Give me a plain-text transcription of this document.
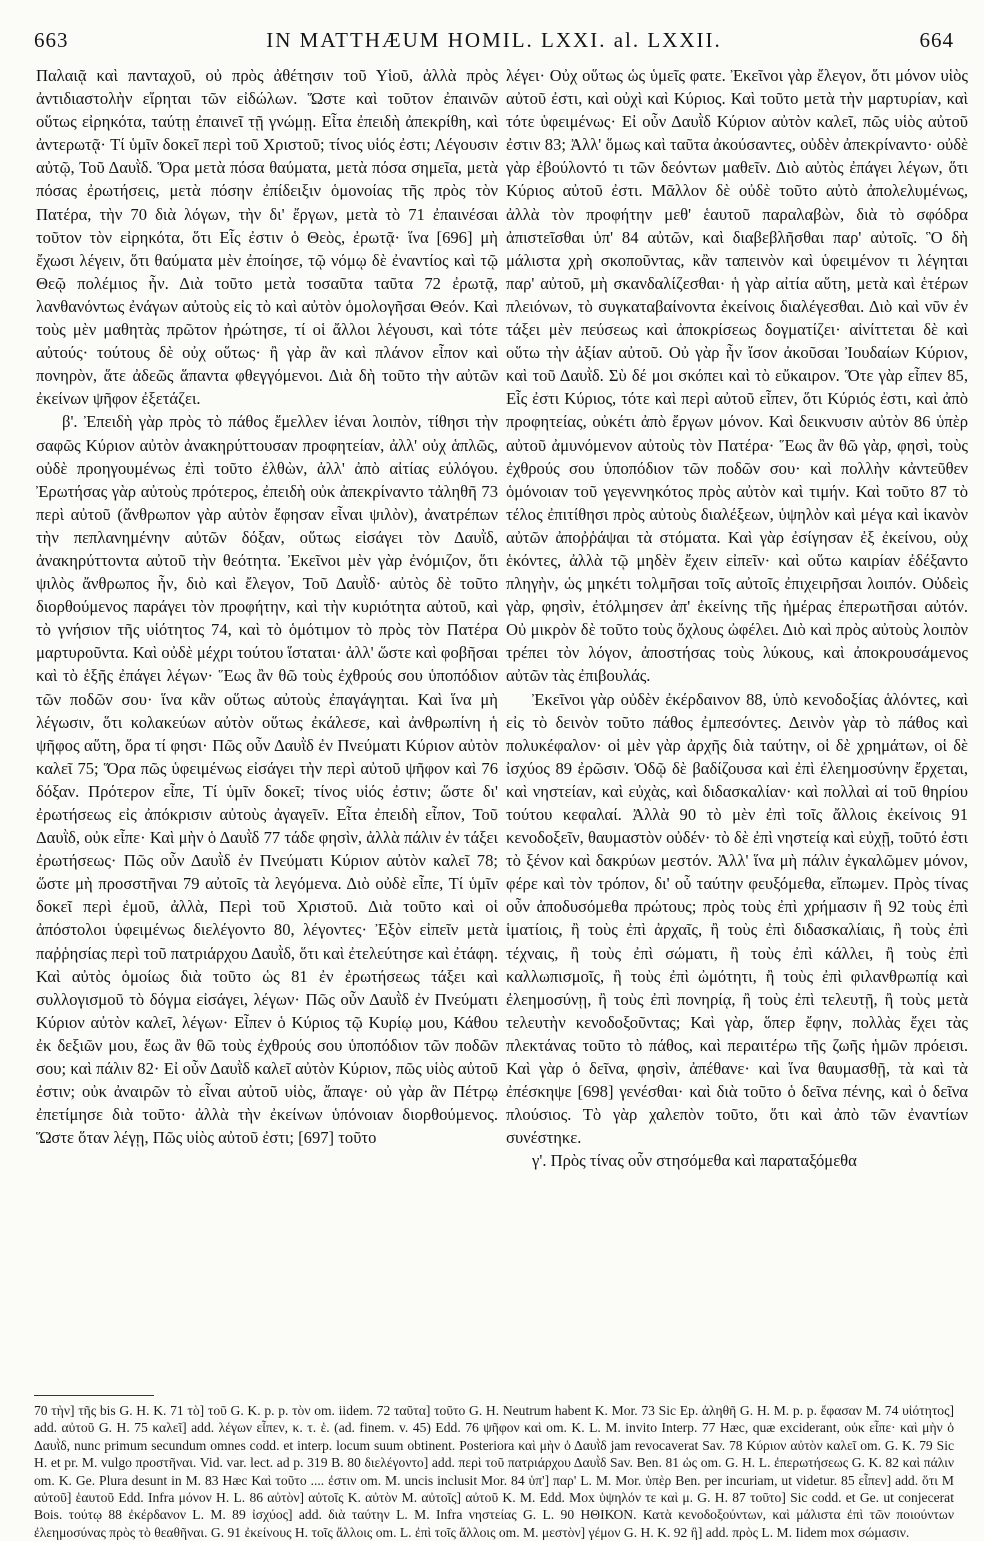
663	IN MATTHÆUM HOMIL. LXXI. al. LXXII.	664

Παλαιᾷ καὶ πανταχοῦ, οὐ πρὸς ἀθέτησιν τοῦ Υἱοῦ, ἀλλὰ πρὸς ἀντιδιαστολὴν εἴρηται τῶν εἰδώλων. Ὥστε καὶ τοῦτον ἐπαινῶν οὕτως εἰρηκότα, ταύτῃ ἐπαινεῖ τῇ γνώμῃ. Εἶτα ἐπειδὴ ἀπεκρίθη, καὶ ἀντερωτᾷ· Τί ὑμῖν δοκεῖ περὶ τοῦ Χριστοῦ; τίνος υἱός ἐστι; Λέγουσιν αὐτῷ, Τοῦ Δαυῒδ. Ὅρα μετὰ πόσα θαύματα, μετὰ πόσα σημεῖα, μετὰ πόσας ἐρωτήσεις, μετὰ πόσην ἐπίδειξιν ὁμονοίας τῆς πρὸς τὸν Πατέρα, τὴν 70 διὰ λόγων, τὴν δι' ἔργων, μετὰ τὸ 71 ἐπαινέσαι τοῦτον τὸν εἰρηκότα, ὅτι Εἷς ἐστιν ὁ Θεὸς, ἐρωτᾷ· ἵνα [696] μὴ ἔχωσι λέγειν, ὅτι θαύματα μὲν ἐποίησε, τῷ νόμῳ δὲ ἐναντίος καὶ τῷ Θεῷ πολέμιος ἦν. Διὰ τοῦτο μετὰ τοσαῦτα ταῦτα 72 ἐρωτᾷ, λανθανόντως ἐνάγων αὐτοὺς εἰς τὸ καὶ αὐτὸν ὁμολογῆσαι Θεόν. Καὶ τοὺς μὲν μαθητὰς πρῶτον ἠρώτησε, τί οἱ ἄλλοι λέγουσι, καὶ τότε αὐτούς· τούτους δὲ οὐχ οὕτως· ἢ γὰρ ἂν καὶ πλάνον εἶπον καὶ πονηρὸν, ἅτε ἀδεῶς ἅπαντα φθεγγόμενοι. Διὰ δὴ τοῦτο τὴν αὐτῶν ἐκείνων ψῆφον ἐξετάζει.

β'. Ἐπειδὴ γὰρ πρὸς τὸ πάθος ἔμελλεν ἰέναι λοιπὸν, τίθησι τὴν σαφῶς Κύριον αὐτὸν ἀνακηρύττουσαν προφητείαν, ἀλλ' οὐχ ἁπλῶς, οὐδὲ προηγουμένως ἐπὶ τοῦτο ἐλθὼν, ἀλλ' ἀπὸ αἰτίας εὐλόγου. Ἐρωτήσας γὰρ αὐτοὺς πρότερος, ἐπειδὴ οὐκ ἀπεκρίναντο τἀληθῆ 73 περὶ αὐτοῦ (ἄνθρωπον γὰρ αὐτὸν ἔφησαν εἶναι ψιλὸν), ἀνατρέπων τὴν πεπλανημένην αὐτῶν δόξαν, οὕτως εἰσάγει τὸν Δαυῒδ, ἀνακηρύττοντα αὐτοῦ τὴν θεότητα. Ἐκεῖνοι μὲν γὰρ ἐνόμιζον, ὅτι ψιλὸς ἄνθρωπος ἦν, διὸ καὶ ἔλεγον, Τοῦ Δαυῒδ· αὐτὸς δὲ τοῦτο διορθούμενος παράγει τὸν προφήτην, καὶ τὴν κυριότητα αὐτοῦ, καὶ τὸ γνήσιον τῆς υἱότητος 74, καὶ τὸ ὁμότιμον τὸ πρὸς τὸν Πατέρα μαρτυροῦντα. Καὶ οὐδὲ μέχρι τούτου ἵσταται· ἀλλ' ὥστε καὶ φοβῆσαι καὶ τὸ ἑξῆς ἐπάγει λέγων· Ἕως ἂν θῶ τοὺς ἐχθρούς σου ὑποπόδιον τῶν ποδῶν σου· ἵνα κἂν οὕτως αὐτοὺς ἐπαγάγηται. Καὶ ἵνα μὴ λέγωσιν, ὅτι κολακεύων αὐτὸν οὕτως ἐκάλεσε, καὶ ἀνθρωπίνη ἡ ψῆφος αὕτη, ὅρα τί φησι· Πῶς οὖν Δαυῒδ ἐν Πνεύματι Κύριον αὐτὸν καλεῖ 75; Ὅρα πῶς ὑφειμένως εἰσάγει τὴν περὶ αὐτοῦ ψῆφον καὶ 76 δόξαν. Πρότερον εἶπε, Τί ὑμῖν δοκεῖ; τίνος υἱός ἐστιν; ὥστε δι' ἐρωτήσεως εἰς ἀπόκρισιν αὐτοὺς ἀγαγεῖν. Εἶτα ἐπειδὴ εἶπον, Τοῦ Δαυῒδ, οὐκ εἶπε· Καὶ μὴν ὁ Δαυῒδ 77 τάδε φησὶν, ἀλλὰ πάλιν ἐν τάξει ἐρωτήσεως· Πῶς οὖν Δαυῒδ ἐν Πνεύματι Κύριον αὐτὸν καλεῖ 78; ὥστε μὴ προσστῆναι 79 αὐτοῖς τὰ λεγόμενα. Διὸ οὐδὲ εἶπε, Τί ὑμῖν δοκεῖ περὶ ἐμοῦ, ἀλλὰ, Περὶ τοῦ Χριστοῦ. Διὰ τοῦτο καὶ οἱ ἀπόστολοι ὑφειμένως διελέγοντο 80, λέγοντες· Ἐξὸν εἰπεῖν μετὰ παῤῥησίας περὶ τοῦ πατριάρχου Δαυῒδ, ὅτι καὶ ἐτελεύτησε καὶ ἐτάφη. Καὶ αὐτὸς ὁμοίως διὰ τοῦτο ὡς 81 ἐν ἐρωτήσεως τάξει καὶ συλλογισμοῦ τὸ δόγμα εἰσάγει, λέγων· Πῶς οὖν Δαυῒδ ἐν Πνεύματι Κύριον αὐτὸν καλεῖ, λέγων· Εἶπεν ὁ Κύριος τῷ Κυρίῳ μου, Κάθου ἐκ δεξιῶν μου, ἕως ἂν θῶ τοὺς ἐχθρούς σου ὑποπόδιον τῶν ποδῶν σου; καὶ πάλιν 82· Εἰ οὖν Δαυῒδ καλεῖ αὐτὸν Κύριον, πῶς υἱὸς αὐτοῦ ἐστιν; οὐκ ἀναιρῶν τὸ εἶναι αὐτοῦ υἱὸς, ἄπαγε· οὐ γὰρ ἂν Πέτρῳ ἐπετίμησε διὰ τοῦτο· ἀλλὰ τὴν ἐκείνων ὑπόνοιαν διορθούμενος. Ὥστε ὅταν λέγῃ, Πῶς υἱὸς αὐτοῦ ἐστι; [697] τοῦτο

λέγει· Οὐχ οὕτως ὡς ὑμεῖς φατε. Ἐκεῖνοι γὰρ ἔλεγον, ὅτι μόνον υἱὸς αὐτοῦ ἐστι, καὶ οὐχὶ καὶ Κύριος. Καὶ τοῦτο μετὰ τὴν μαρτυρίαν, καὶ τότε ὑφειμένως· Εἰ οὖν Δαυῒδ Κύριον αὐτὸν καλεῖ, πῶς υἱὸς αὐτοῦ ἐστιν 83; Ἀλλ' ὅμως καὶ ταῦτα ἀκούσαντες, οὐδὲν ἀπεκρίναντο· οὐδὲ γὰρ ἐβούλοντό τι τῶν δεόντων μαθεῖν. Διὸ αὐτὸς ἐπάγει λέγων, ὅτι Κύριος αὐτοῦ ἐστι. Μᾶλλον δὲ οὐδὲ τοῦτο αὐτὸ ἀπολελυμένως, ἀλλὰ τὸν προφήτην μεθ' ἑαυτοῦ παραλαβὼν, διὰ τὸ σφόδρα ἀπιστεῖσθαι ὑπ' 84 αὐτῶν, καὶ διαβεβλῆσθαι παρ' αὐτοῖς. Ὃ δὴ μάλιστα χρὴ σκοποῦντας, κἂν ταπεινὸν καὶ ὑφειμένον τι λέγηται παρ' αὐτοῦ, μὴ σκανδαλίζεσθαι· ἡ γὰρ αἰτία αὕτη, μετὰ καὶ ἑτέρων πλειόνων, τὸ συγκαταβαίνοντα ἐκείνοις διαλέγεσθαι. Διὸ καὶ νῦν ἐν τάξει μὲν πεύσεως καὶ ἀποκρίσεως δογματίζει· αἰνίττεται δὲ καὶ οὕτω τὴν ἀξίαν αὐτοῦ. Οὐ γὰρ ἦν ἴσον ἀκοῦσαι Ἰουδαίων Κύριον, καὶ τοῦ Δαυῒδ. Σὺ δέ μοι σκόπει καὶ τὸ εὔκαιρον. Ὅτε γὰρ εἶπεν 85, Εἷς ἐστι Κύριος, τότε καὶ περὶ αὐτοῦ εἶπεν, ὅτι Κύριός ἐστι, καὶ ἀπὸ προφητείας, οὐκέτι ἀπὸ ἔργων μόνον. Καὶ δεικνυσιν αὐτὸν 86 ὑπὲρ αὐτοῦ ἀμυνόμενον αὐτοὺς τὸν Πατέρα· Ἕως ἂν θῶ γὰρ, φησὶ, τοὺς ἐχθρούς σου ὑποπόδιον τῶν ποδῶν σου· καὶ πολλὴν κἀντεῦθεν ὁμόνοιαν τοῦ γεγεννηκότος πρὸς αὐτὸν καὶ τιμήν. Καὶ τοῦτο 87 τὸ τέλος ἐπιτίθησι πρὸς αὐτοὺς διαλέξεων, ὑψηλὸν καὶ μέγα καὶ ἱκανὸν αὐτῶν ἀποῤῥάψαι τὰ στόματα. Καὶ γὰρ ἐσίγησαν ἐξ ἐκείνου, οὐχ ἑκόντες, ἀλλὰ τῷ μηδὲν ἔχειν εἰπεῖν· καὶ οὕτω καιρίαν ἐδέξαντο πληγὴν, ὡς μηκέτι τολμῆσαι τοῖς αὐτοῖς ἐπιχειρῆσαι λοιπόν. Οὐδεὶς γὰρ, φησὶν, ἐτόλμησεν ἀπ' ἐκείνης τῆς ἡμέρας ἐπερωτῆσαι αὐτόν. Οὐ μικρὸν δὲ τοῦτο τοὺς ὄχλους ὠφέλει. Διὸ καὶ πρὸς αὐτοὺς λοιπὸν τρέπει τὸν λόγον, ἀποστήσας τοὺς λύκους, καὶ ἀποκρουσάμενος αὐτῶν τὰς ἐπιβουλάς.

Ἐκεῖνοι γὰρ οὐδὲν ἐκέρδαινον 88, ὑπὸ κενοδοξίας ἁλόντες, καὶ εἰς τὸ δεινὸν τοῦτο πάθος ἐμπεσόντες. Δεινὸν γὰρ τὸ πάθος καὶ πολυκέφαλον· οἱ μὲν γὰρ ἀρχῆς διὰ ταύτην, οἱ δὲ χρημάτων, οἱ δὲ ἰσχύος 89 ἐρῶσιν. Ὁδῷ δὲ βαδίζουσα καὶ ἐπὶ ἐλεημοσύνην ἔρχεται, καὶ νηστείαν, καὶ εὐχὰς, καὶ διδασκαλίαν· καὶ πολλαὶ αἱ τοῦ θηρίου τούτου κεφαλαί. Ἀλλὰ 90 τὸ μὲν ἐπὶ τοῖς ἄλλοις ἐκείνοις 91 κενοδοξεῖν, θαυμαστὸν οὐδέν· τὸ δὲ ἐπὶ νηστείᾳ καὶ εὐχῇ, τοῦτό ἐστι τὸ ξένον καὶ δακρύων μεστόν. Ἀλλ' ἵνα μὴ πάλιν ἐγκαλῶμεν μόνον, φέρε καὶ τὸν τρόπον, δι' οὗ ταύτην φευξόμεθα, εἴπωμεν. Πρὸς τίνας οὖν ἀποδυσόμεθα πρώτους; πρὸς τοὺς ἐπὶ χρήμασιν ἢ 92 τοὺς ἐπὶ ἱματίοις, ἢ τοὺς ἐπὶ ἀρχαῖς, ἢ τοὺς ἐπὶ διδασκαλίαις, ἢ τοὺς ἐπὶ τέχναις, ἢ τοὺς ἐπὶ σώματι, ἢ τοὺς ἐπὶ κάλλει, ἢ τοὺς ἐπὶ καλλωπισμοῖς, ἢ τοὺς ἐπὶ ὠμότητι, ἢ τοὺς ἐπὶ φιλανθρωπίᾳ καὶ ἐλεημοσύνῃ, ἢ τοὺς ἐπὶ πονηρίᾳ, ἢ τοὺς ἐπὶ τελευτῇ, ἢ τοὺς μετὰ τελευτὴν κενοδοξοῦντας; Καὶ γὰρ, ὅπερ ἔφην, πολλὰς ἔχει τὰς πλεκτάνας τοῦτο τὸ πάθος, καὶ περαιτέρω τῆς ζωῆς ἡμῶν πρόεισι. Καὶ γὰρ ὁ δεῖνα, φησὶν, ἀπέθανε· καὶ ἵνα θαυμασθῇ, τὰ καὶ τὰ ἐπέσκηψε [698] γενέσθαι· καὶ διὰ τοῦτο ὁ δεῖνα πένης, καὶ ὁ δεῖνα πλούσιος. Τὸ γὰρ χαλεπὸν τοῦτο, ὅτι καὶ ἀπὸ τῶν ἐναντίων συνέστηκε.

γ'. Πρὸς τίνας οὖν στησόμεθα καὶ παραταξόμεθα

70 τὴν] τῆς bis G. H. K. 71 τὸ] τοῦ G. K. p. p. τὸν om. iidem. 72 ταῦτα] τοῦτο G. H. Neutrum habent K. Mor. 73 Sic Ep. ἀληθῆ G. H. M. p. p. ἔφασαν M. 74 υἱότητος] add. αὐτοῦ G. H. 75 καλεῖ] add. λέγων εἶπεν, κ. τ. ἑ. (ad. finem. v. 45) Edd. 76 ψῆφον καὶ om. K. L. M. invito Interp. 77 Hæc, quæ exciderant, οὐκ εἶπε· καὶ μὴν ὁ Δαυῒδ, nunc primum secundum omnes codd. et interp. locum suum obtinent. Posteriora καὶ μὴν ὁ Δαυῒδ jam revocaverat Sav. 78 Κύριον αὐτὸν καλεῖ om. G. K. 79 Sic H. et pr. M. vulgo προστῆναι. Vid. var. lect. ad p. 319 B. 80 διελέγοντο] add. περὶ τοῦ πατριάρχου Δαυῒδ Sav. Ben. 81 ὡς om. G. H. L. ἐπερωτήσεως G. K. 82 καὶ πάλιν om. K. Ge. Plura desunt in M. 83 Hæc Καὶ τοῦτο .... ἐστιν om. M. uncis inclusit Mor. 84 ὑπ'] παρ' L. M. Mor. ὑπὲρ Ben. per incuriam, ut videtur. 85 εἶπεν] add. ὅτι M αὐτοῦ] ἑαυτοῦ Edd. Infra μόνον H. L. 86 αὐτὸν] αὐτοῖς K. αὐτὸν M. αὐτοῖς] αὐτοῦ K. M. Edd. Mox ὑψηλόν τε καὶ μ. G. H. 87 τοῦτο] Sic codd. et Ge. ut conjecerat Bois. τούτῳ 88 ἐκέρδανον L. M. 89 ἰσχύος] add. διὰ ταύτην L. M. Infra νηστείας G. L. 90 ΗΘΙΚΟΝ. Κατὰ κενοδοξούντων, καὶ μάλιστα ἐπὶ τῶν ποιούντων ἐλεημοσύνας πρὸς τὸ θεαθῆναι. G. 91 ἐκείνους H. τοῖς ἄλλοις om. L. ἐπὶ τοῖς ἄλλοις om. M. μεστὸν] γέμον G. H. K. 92 ἢ] add. πρὸς L. M. Iidem mox σώμασιν.
